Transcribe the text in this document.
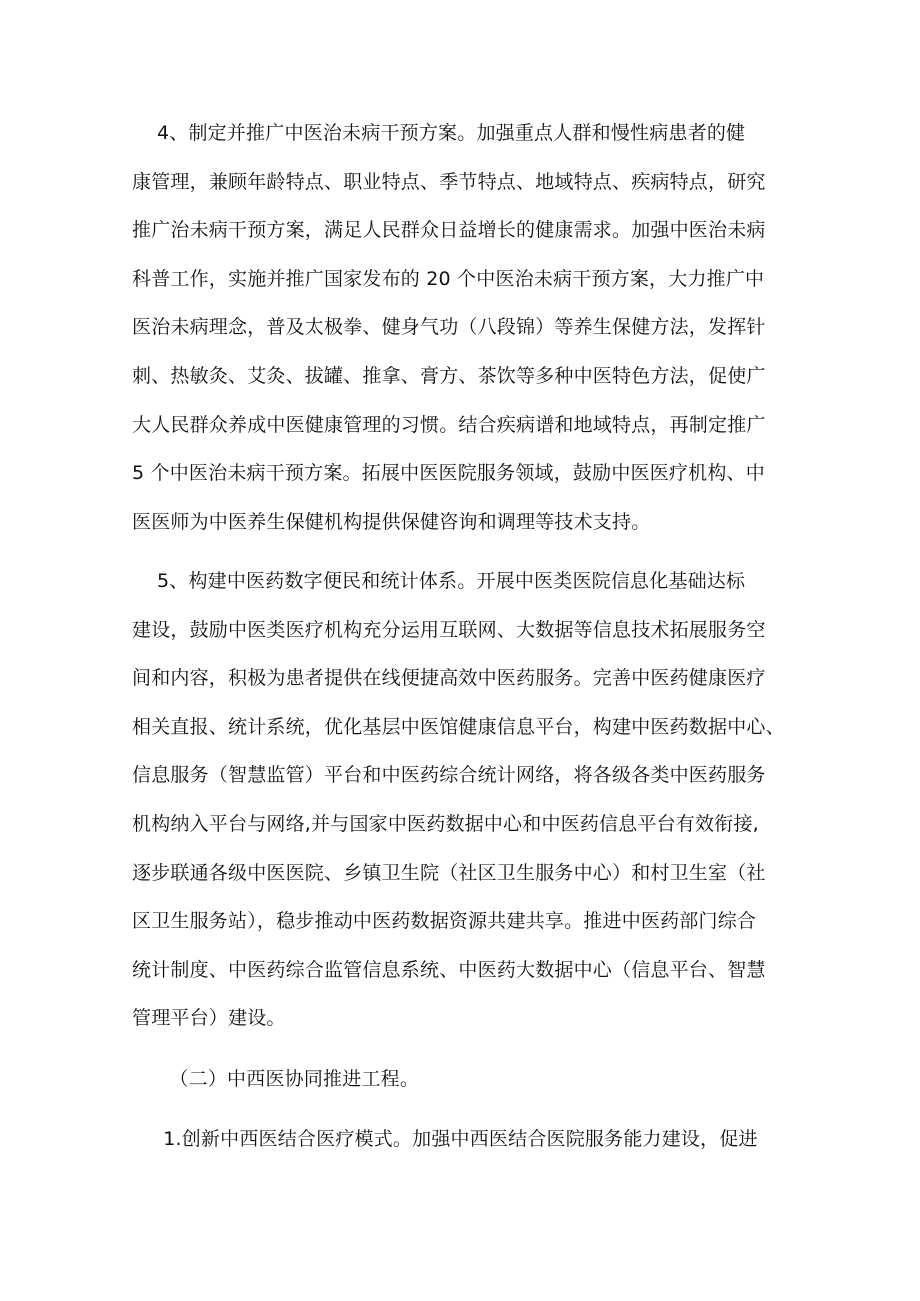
4、制定并推广中医治未病干预方案。加强重点人群和慢性病患者的健
康管理，兼顾年龄特点、职业特点、季节特点、地域特点、疾病特点，研究
推广治未病干预方案，满足人民群众日益增长的健康需求。加强中医治未病
科普工作，实施并推广国家发布的 20 个中医治未病干预方案，大力推广中
医治未病理念，普及太极拳、健身气功（八段锦）等养生保健方法，发挥针
刺、热敏灸、艾灸、拔罐、推拿、膏方、茶饮等多种中医特色方法，促使广
大人民群众养成中医健康管理的习惯。结合疾病谱和地域特点，再制定推广
5 个中医治未病干预方案。拓展中医医院服务领域，鼓励中医医疗机构、中
医医师为中医养生保健机构提供保健咨询和调理等技术支持。
5、构建中医药数字便民和统计体系。开展中医类医院信息化基础达标
建设，鼓励中医类医疗机构充分运用互联网、大数据等信息技术拓展服务空
间和内容，积极为患者提供在线便捷高效中医药服务。完善中医药健康医疗
相关直报、统计系统，优化基层中医馆健康信息平台，构建中医药数据中心、
信息服务（智慧监管）平台和中医药综合统计网络，将各级各类中医药服务
机构纳入平台与网络,并与国家中医药数据中心和中医药信息平台有效衔接,
逐步联通各级中医医院、乡镇卫生院（社区卫生服务中心）和村卫生室（社
区卫生服务站），稳步推动中医药数据资源共建共享。推进中医药部门综合
统计制度、中医药综合监管信息系统、中医药大数据中心（信息平台、智慧
管理平台）建设。
（二）中西医协同推进工程。
1.创新中西医结合医疗模式。加强中西医结合医院服务能力建设，促进
